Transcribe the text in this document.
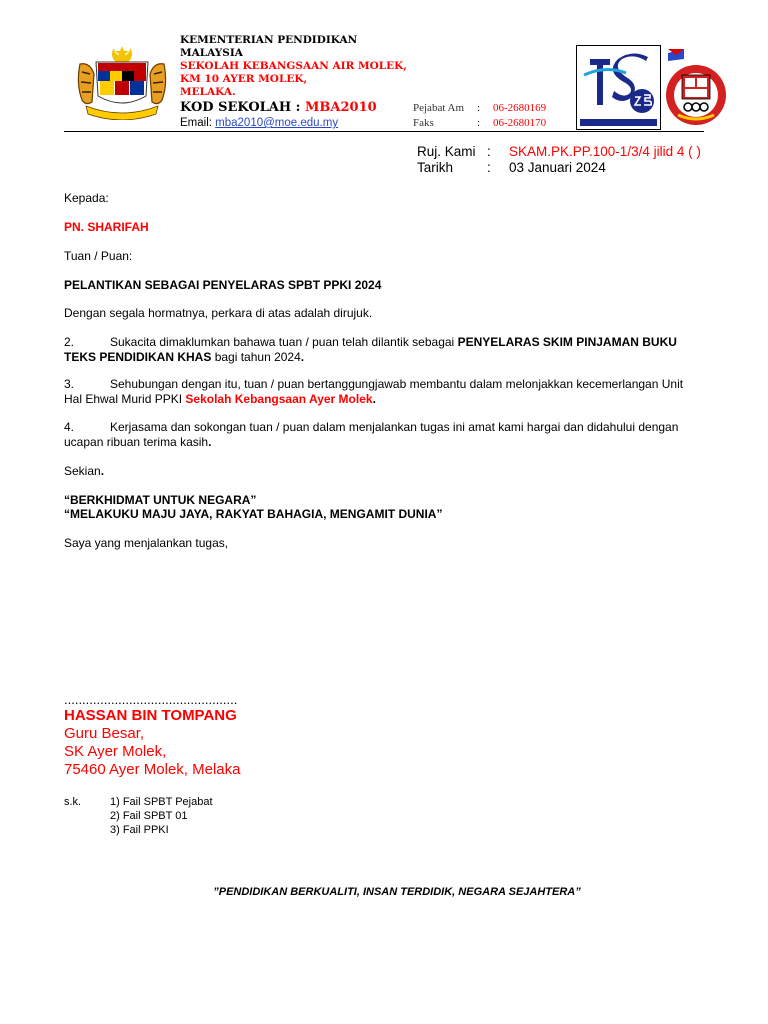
KEMENTERIAN PENDIDIKAN MALAYSIA
SEKOLAH KEBANGSAAN AIR MOLEK,
KM 10 AYER MOLEK,
MELAKA.
KOD SEKOLAH : MBA2010
Email: mba2010@moe.edu.my
Pejabat Am : 06-2680169
Faks	: 06-2680170
Ruj. Kami : SKAM.PK.PP.100-1/3/4 jilid 4 ( )
Tarikh	: 03 Januari 2024
Kepada:
PN. SHARIFAH
Tuan / Puan:
PELANTIKAN SEBAGAI PENYELARAS SPBT PPKI 2024
Dengan segala hormatnya, perkara di atas adalah dirujuk.
2.	Sukacita dimaklumkan bahawa tuan / puan telah dilantik sebagai PENYELARAS SKIM PINJAMAN BUKU TEKS PENDIDIKAN KHAS bagi tahun 2024.
3.	Sehubungan dengan itu, tuan / puan bertanggungjawab membantu dalam melonjakkan kecemerlangan Unit
Hal Ehwal Murid PPKI Sekolah Kebangsaan Ayer Molek.
4.	Kerjasama dan sokongan tuan / puan dalam menjalankan tugas ini amat kami hargai dan didahului dengan ucapan ribuan terima kasih.
Sekian.
“BERKHIDMAT UNTUK NEGARA”
“MELAKUKU MAJU JAYA, RAKYAT BAHAGIA, MENGAMIT DUNIA”
Saya yang menjalankan tugas,
................................................
HASSAN BIN TOMPANG
Guru Besar,
SK Ayer Molek,
75460 Ayer Molek, Melaka
s.k.	1) Fail SPBT Pejabat
2) Fail SPBT 01
3) Fail PPKI
”PENDIDIKAN BERKUALITI, INSAN TERDIDIK, NEGARA SEJAHTERA”
